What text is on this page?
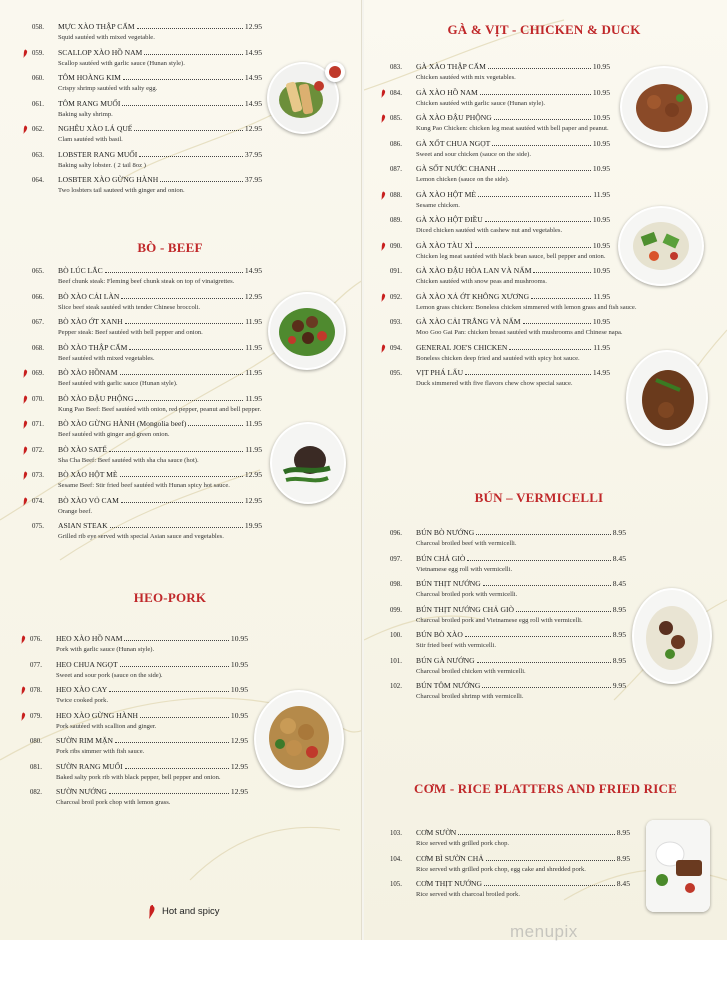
058.	MỰC XÀO THẬP CẨM	12.95
Squid sautéed with mixed vegetable.
059.	SCALLOP XÀO HỒ NAM	14.95
Scallop sautéed with garlic sauce (Hunan style).
060.	TÔM HOÀNG KIM	14.95
Crispy shrimp sautéed with salty egg.
061.	TÔM RANG MUỐI	14.95
Baking salty shrimp.
062.	NGHÊU XÀO LÁ QUẾ	12.95
Clam sautéed with basil.
063.	LOBSTER RANG MUỐI	37.95
Baking salty lobster. ( 2 tail 8oz )
064.	LOSBTER XÀO GỪNG HÀNH	37.95
Two losbters tail sauteed with ginger and onion.
BÒ - BEEF
065.	BÒ LÚC LẮC	14.95
Beef chunk steak: Fleming beef chunk steak on top of vinaigrettes.
066.	BÒ XÀO CẢI LÀN	12.95
Slice beef steak sautéed with tender Chinese broccoli.
067.	BÒ XÀO ỚT XANH	11.95
Pepper steak: Beef sautéed with bell pepper and onion.
068.	BÒ XÀO THẬP CẨM	11.95
Beef sautéed with mixed vegetables.
069.	BÒ XÀO HỒNAM	11.95
Beef sautéed with garlic sauce (Hunan style).
070.	BÒ XÀO ĐẬU PHỘNG	11.95
Kung Pao Beef: Beef sautéed with onion, red pepper, peanut and bell pepper.
071.	BÒ XÀO GỪNG HÀNH (Mongolia beef)	11.95
Beef sautéed with ginger and green onion.
072.	BÒ XÀO SATẾ	11.95
Sha Cha Beef: Beef sautéed with sha cha sauce (hot).
073.	BÒ XÀO HỘT MÈ	12.95
Sesame Beef: Stir fried beef sautéed with Hunan spicy hot sauce.
074.	BÒ XÀO VỎ CAM	12.95
Orange beef.
075.	ASIAN STEAK	19.95
Grilled rib eye served with special Asian sauce and vegetables.
HEO-PORK
076.	HEO XÀO HỒ NAM	10.95
Pork with garlic sauce (Hunan style).
077.	HEO CHUA NGỌT	10.95
Sweet and sour pork (sauce on the side).
078.	HEO XÀO CAY	10.95
Twice cooked pork.
079.	HEO XÀO GỪNG HÀNH	10.95
Pork sautéed with scallion and ginger.
080.	SƯỜN RIM MẶN	12.95
Pork ribs simmer with fish sauce.
081.	SƯỜN RANG MUỐI	12.95
Baked salty pork rib with black pepper, bell pepper and onion.
082.	SƯỜN NƯỚNG	12.95
Charcoal broil pork chop with lemon grass.
Hot and spicy
GÀ & VỊT - CHICKEN & DUCK
083.	GÀ XÀO THẬP CẨM	10.95
Chicken sautéed with mix vegetables.
084.	GÀ XÀO HỒ NAM	10.95
Chicken sautéed with garlic sauce (Hunan style).
085.	GÀ XÀO ĐẬU PHỘNG	10.95
Kung Pao Chicken: chicken leg meat sautéed with bell paper and peanut.
086.	GÀ XỐT CHUA NGỌT	10.95
Sweet and sour chicken (sauce on the side).
087.	GÀ SỐT NƯỚC CHANH	10.95
Lemon chicken (sauce on the side).
088.	GÀ XÀO HỘT MÈ	11.95
Sesame chicken.
089.	GÀ XÀO HỘT ĐIỀU	10.95
Diced chicken sautéed with cashew nut and vegetables.
090.	GÀ XÀO TÀU XÌ	10.95
Chicken leg meat sautéed with black bean sauce, bell pepper and onion.
091.	GÀ XÀO ĐẬU HÒA LAN VÀ NẤM	10.95
Chicken sautéed with snow peas and mushrooms.
092.	GÀ XÀO XẢ ỚT KHÔNG XƯƠNG	11.95
Lemon grass chicken: Boneless chicken simmered with lemon grass and fish sauce.
093.	GÀ XÀO CẢI TRẮNG VÀ NẤM	10.95
Moo Goo Gai Pan: chicken breast sautéed with mushrooms and Chinese napa.
094.	GENERAL JOE'S CHICKEN	11.95
Boneless chicken deep fried and sautéed with spicy hot sauce.
095.	VỊT PHÁ LẤU	14.95
Duck simmered with five flavors chew chow special sauce.
BÚN – VERMICELLI
096.	BÚN BÒ NƯỚNG	8.95
Charcoal broiled beef with vermicelli.
097.	BÚN CHẢ GIÒ	8.45
Vietnamese egg roll with vermicelli.
098.	BÚN THỊT NƯỚNG	8.45
Charcoal broiled pork with vermicelli.
099.	BÚN THỊT NƯỚNG CHẢ GIÒ	8.95
Charcoal broiled pork and Vietnamese egg roll with vermicelli.
100.	BÚN BÒ XÀO	8.95
Stir fried beef with vermicelli.
101.	BÚN GÀ NƯỚNG	8.95
Charcoal broiled chicken with vermicelli.
102.	BÚN TÔM NƯỚNG	9.95
Charcoal broiled shrimp with vermicelli.
CƠM - RICE PLATTERS AND FRIED RICE
103.	CƠM SƯỜN	8.95
Rice served with grilled pork chop.
104.	CƠM BÌ SƯỜN CHẢ	8.95
Rice served with grilled pork chop, egg cake and shredded pork.
105.	CƠM THỊT NƯỚNG	8.45
Rice served with charcoal broiled pork.
menupix
